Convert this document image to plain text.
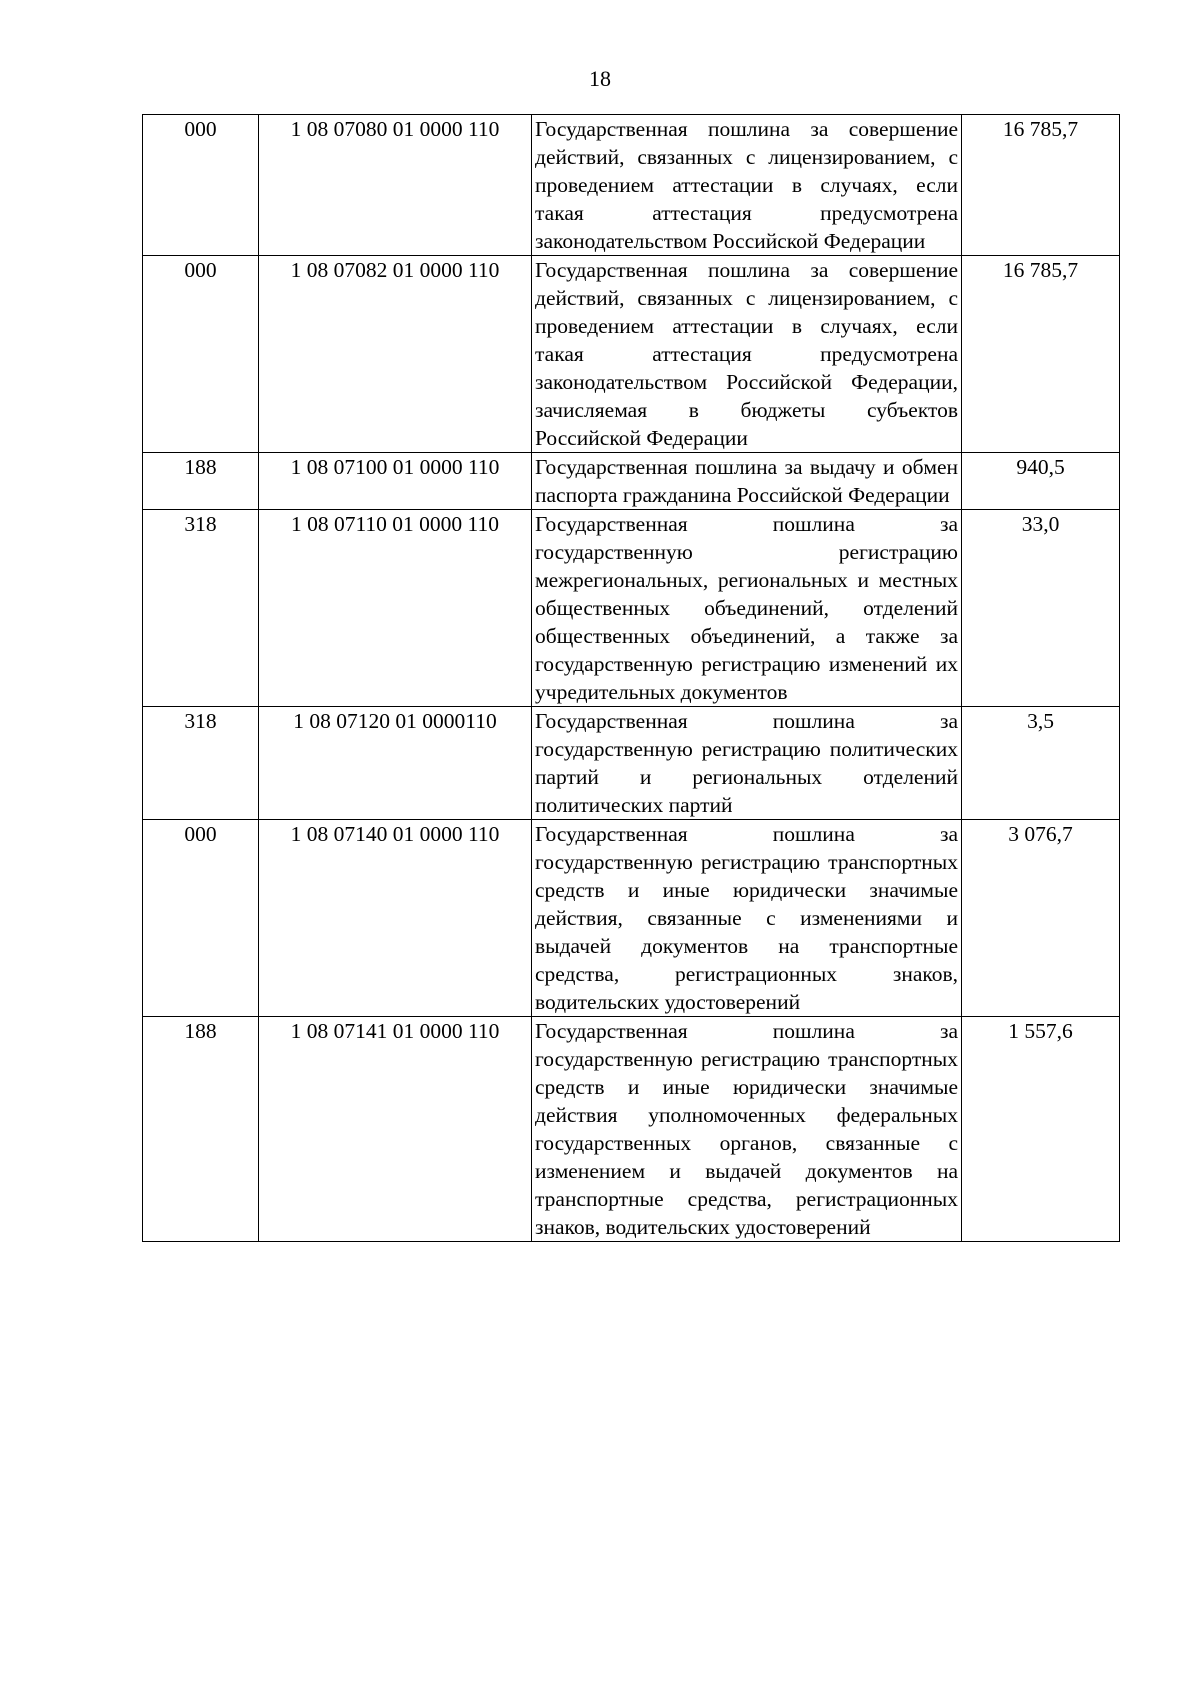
18
000	1 08 07080 01 0000 110	Государственная пошлина за совершение действий, связанных с лицензированием, с проведением аттестации в случаях, если такая аттестация предусмотрена законодательством Российской Федерации	16 785,7
000	1 08 07082 01 0000 110	Государственная пошлина за совершение действий, связанных с лицензированием, с проведением аттестации в случаях, если такая аттестация предусмотрена законодательством Российской Федерации, зачисляемая в бюджеты субъектов Российской Федерации	16 785,7
188	1 08 07100 01 0000 110	Государственная пошлина за выдачу и обмен паспорта гражданина Российской Федерации	940,5
318	1 08 07110 01 0000 110	Государственная пошлина за государственную регистрацию межрегиональных, региональных и местных общественных объединений, отделений общественных объединений, а также за государственную регистрацию изменений их учредительных документов	33,0
318	1 08 07120 01 0000110	Государственная пошлина за государственную регистрацию политических партий и региональных отделений политических партий	3,5
000	1 08 07140 01 0000 110	Государственная пошлина за государственную регистрацию транспортных средств и иные юридически значимые действия, связанные с изменениями и выдачей документов на транспортные средства, регистрационных знаков, водительских удостоверений	3 076,7
188	1 08 07141 01 0000 110	Государственная пошлина за государственную регистрацию транспортных средств и иные юридически значимые действия уполномоченных федеральных государственных органов, связанные с изменением и выдачей документов на транспортные средства, регистрационных знаков, водительских удостоверений	1 557,6
